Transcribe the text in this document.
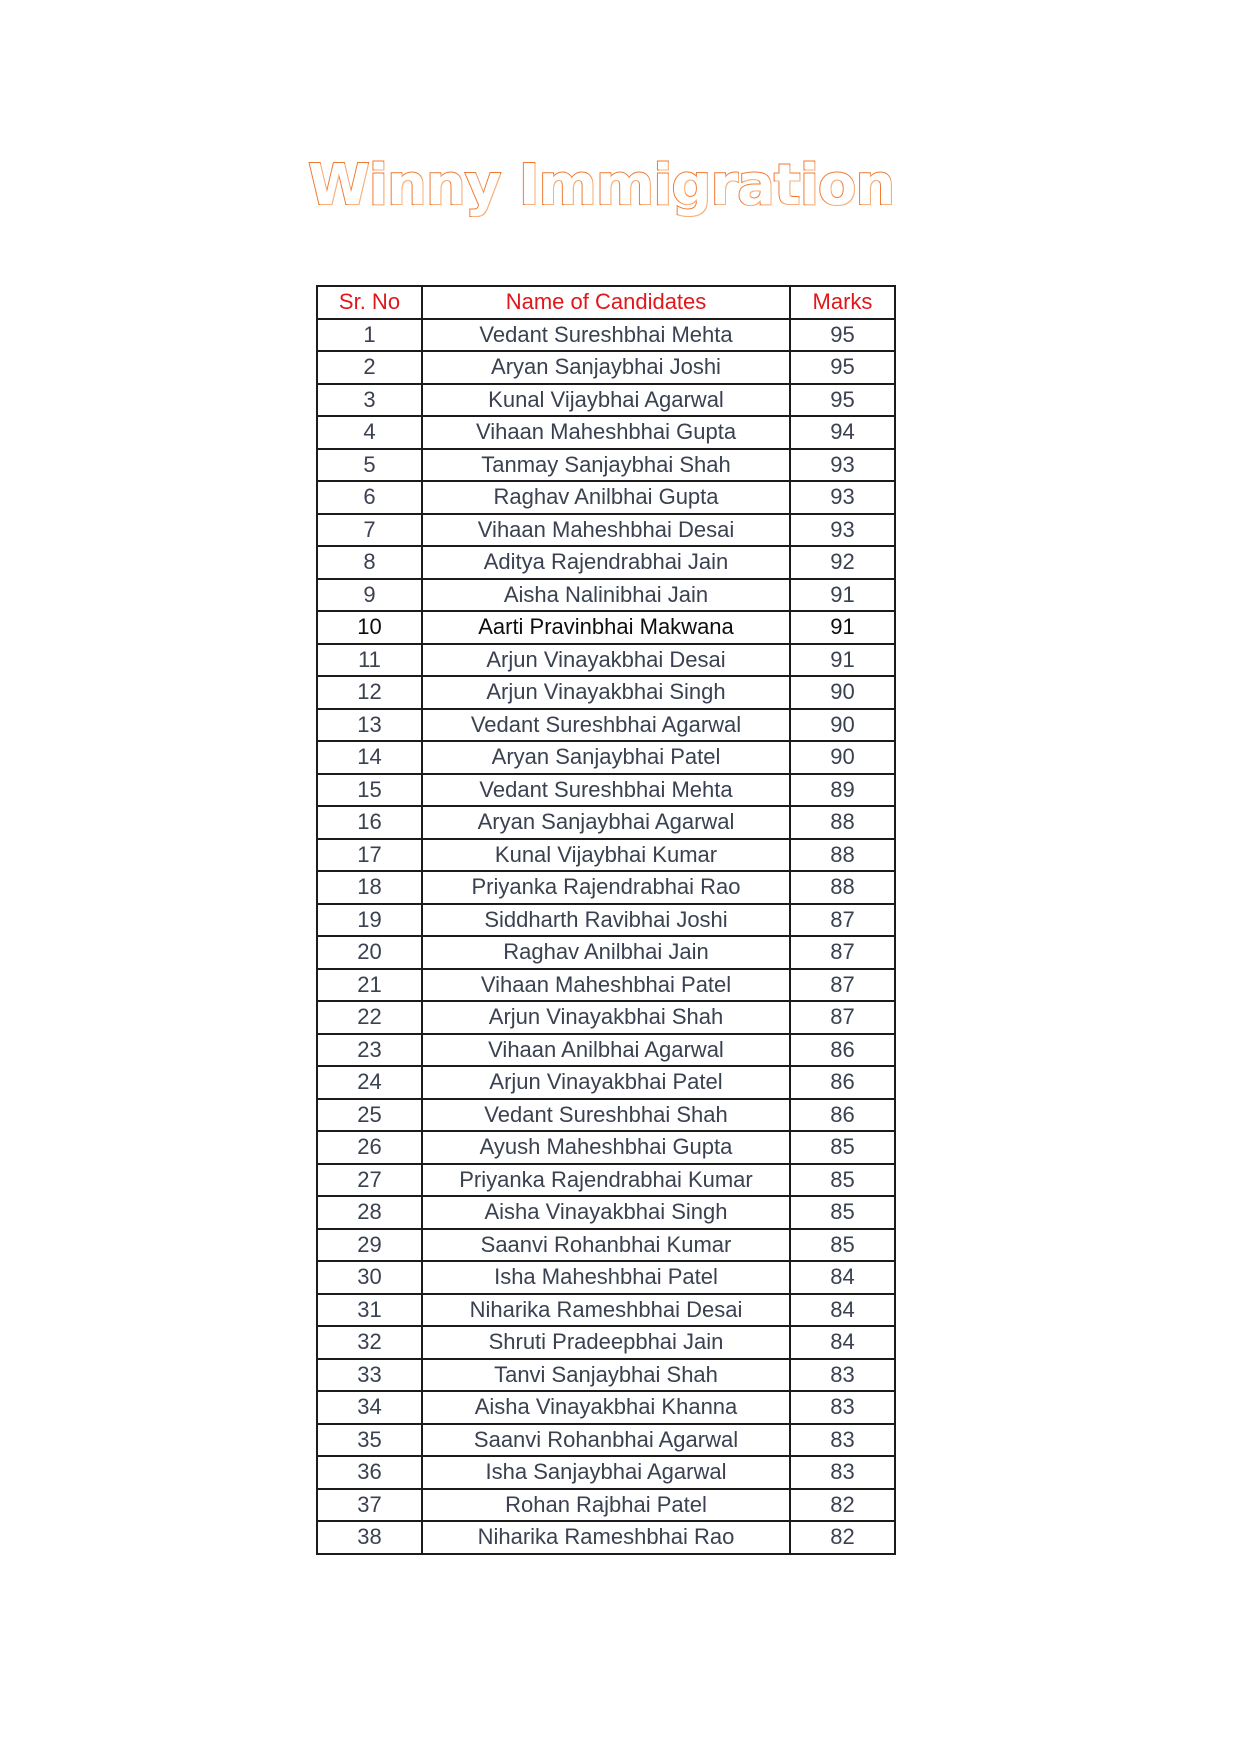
Winny Immigration
Sr. No	Name of Candidates	Marks
1	Vedant Sureshbhai Mehta	95
2	Aryan Sanjaybhai Joshi	95
3	Kunal Vijaybhai Agarwal	95
4	Vihaan Maheshbhai Gupta	94
5	Tanmay Sanjaybhai Shah	93
6	Raghav Anilbhai Gupta	93
7	Vihaan Maheshbhai Desai	93
8	Aditya Rajendrabhai Jain	92
9	Aisha Nalinibhai Jain	91
10	Aarti Pravinbhai Makwana	91
11	Arjun Vinayakbhai Desai	91
12	Arjun Vinayakbhai Singh	90
13	Vedant Sureshbhai Agarwal	90
14	Aryan Sanjaybhai Patel	90
15	Vedant Sureshbhai Mehta	89
16	Aryan Sanjaybhai Agarwal	88
17	Kunal Vijaybhai Kumar	88
18	Priyanka Rajendrabhai Rao	88
19	Siddharth Ravibhai Joshi	87
20	Raghav Anilbhai Jain	87
21	Vihaan Maheshbhai Patel	87
22	Arjun Vinayakbhai Shah	87
23	Vihaan Anilbhai Agarwal	86
24	Arjun Vinayakbhai Patel	86
25	Vedant Sureshbhai Shah	86
26	Ayush Maheshbhai Gupta	85
27	Priyanka Rajendrabhai Kumar	85
28	Aisha Vinayakbhai Singh	85
29	Saanvi Rohanbhai Kumar	85
30	Isha Maheshbhai Patel	84
31	Niharika Rameshbhai Desai	84
32	Shruti Pradeepbhai Jain	84
33	Tanvi Sanjaybhai Shah	83
34	Aisha Vinayakbhai Khanna	83
35	Saanvi Rohanbhai Agarwal	83
36	Isha Sanjaybhai Agarwal	83
37	Rohan Rajbhai Patel	82
38	Niharika Rameshbhai Rao	82
